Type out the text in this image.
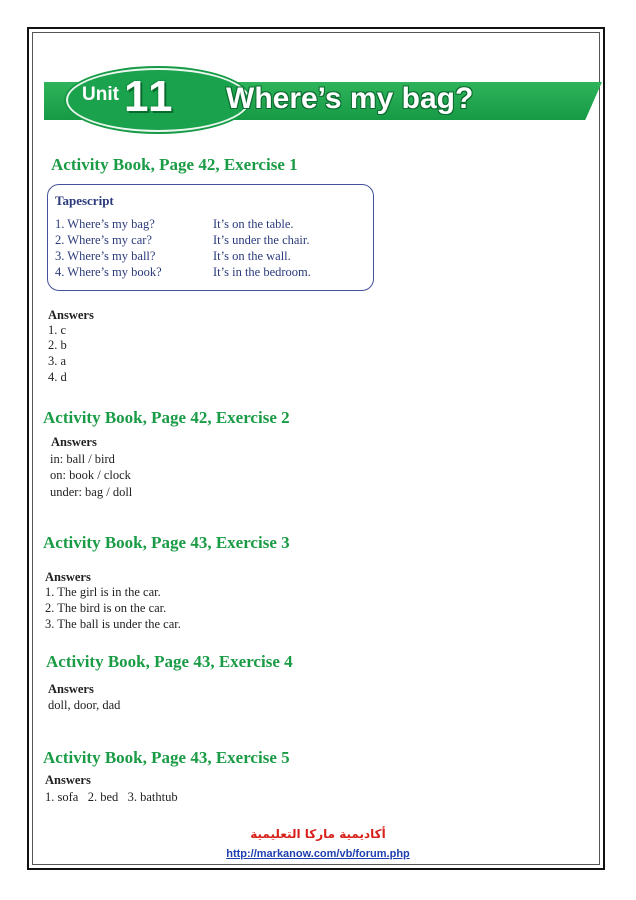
Unit 11 Where’s my bag?
Activity Book, Page 42, Exercise 1
Tapescript
1. Where’s my bag?	It’s on the table.
2. Where’s my car?	It’s under the chair.
3. Where’s my ball?	It’s on the wall.
4. Where’s my book?	It’s in the bedroom.
Answers
1. c
2. b
3. a
4. d
Activity Book, Page 42, Exercise 2
Answers
in: ball / bird
on: book / clock
under: bag / doll
Activity Book, Page 43, Exercise 3
Answers
1. The girl is in the car.
2. The bird is on the car.
3. The ball is under the car.
Activity Book, Page 43, Exercise 4
Answers
doll, door, dad
Activity Book, Page 43, Exercise 5
Answers
1. sofa   2. bed   3. bathtub
أكاديمية ماركا التعليمية
http://markanow.com/vb/forum.php
